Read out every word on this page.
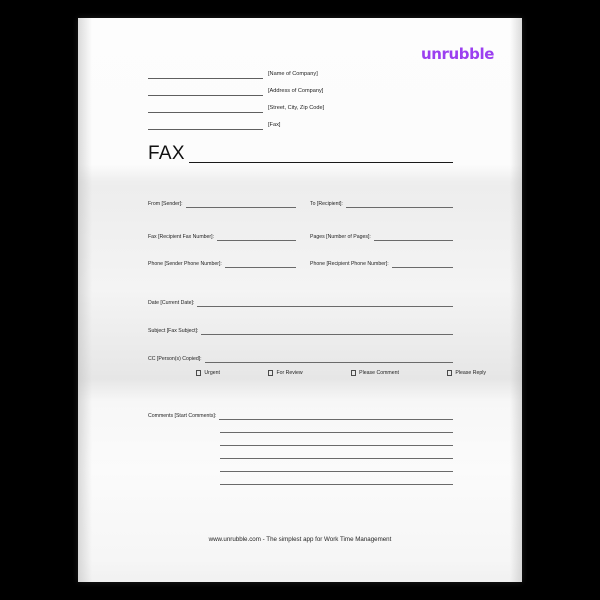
unrubble
[Name of Company]
[Address of Company]
[Street, City, Zip Code]
[Fax]
FAX
From [Sender]:	To [Recipient]:
Fax [Recipient Fax Number]:	Pages [Number of Pages]:
Phone [Sender Phone Number]:	Phone [Recipient Phone Number]:
Date [Current Date]:
Subject [Fax Subject]:
CC [Person(s) Copied]:
Urgent	For Review	Please Comment	Please Reply
Comments [Start Comments]:
www.unrubble.com - The simplest app for Work Time Management
